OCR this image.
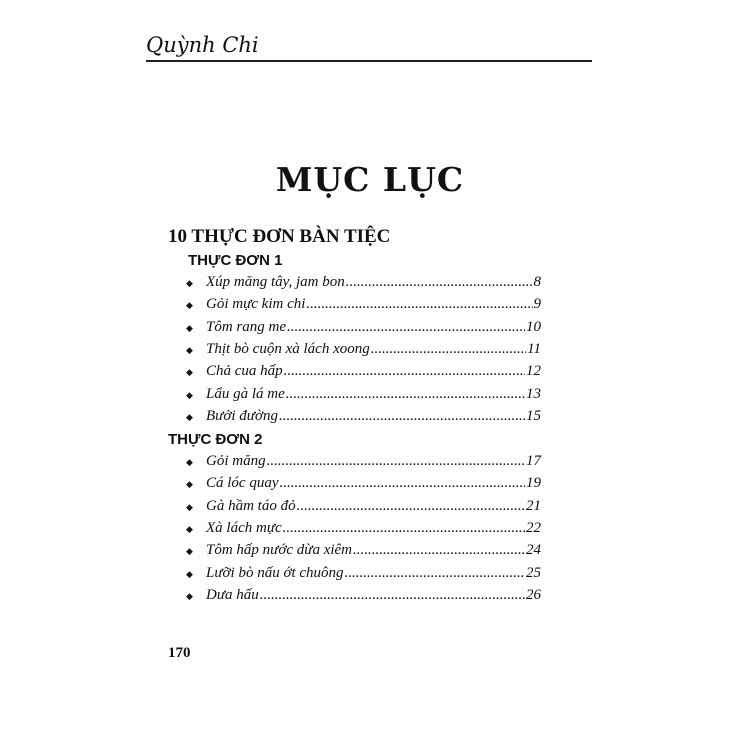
Quỳnh Chi
MỤC LỤC
10 THỰC ĐƠN BÀN TIỆC
THỰC ĐƠN 1
◆ Xúp măng tây, jam bon .....	8
◆ Gỏi mực kim chi .....	9
◆ Tôm rang me .....	10
◆ Thịt bò cuộn xà lách xoong .....	11
◆ Chả cua hấp .....	12
◆ Lẩu gà lá me .....	13
◆ Bưởi đường .....	15
THỰC ĐƠN 2
◆ Gỏi măng .....	17
◆ Cá lóc quay .....	19
◆ Gà hầm táo đỏ .....	21
◆ Xà lách mực .....	22
◆ Tôm hấp nước dừa xiêm .....	24
◆ Lưỡi bò nấu ớt chuông .....	25
◆ Dưa hấu .....	26
170
